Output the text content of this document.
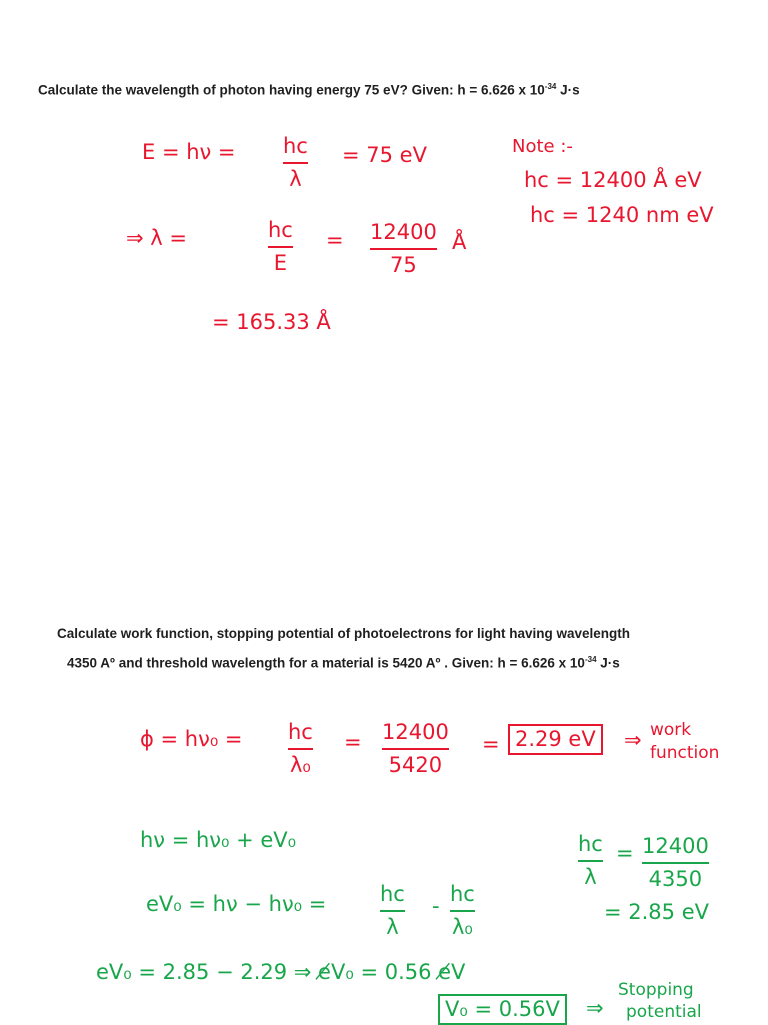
Calculate the wavelength of photon having energy 75 eV? Given: h = 6.626 x $10^{-34}$ J·s

E = hν = hc
λ
= 75 eV
⇒ λ =	hc
E
= 12400
75
Å
= 165.33 Å
Note :-
hc = 12400 Å eV
hc = 1240 nm eV

Calculate work function, stopping potential of photoelectrons for light having wavelength

4350 Aº and threshold wavelength for a material is 5420 Aº . Given: h = 6.626 x $10^{-34}$ J·s

ϕ = hν₀ = hc
λ₀
= 12400
5420
= 2.29 eV	⇒ work
function
hν = hν₀ + eV₀
eV₀ = hν − hν₀ =	hc
λ
- hc
λ₀
hc
λ
= 12400
4350
= 2.85 eV
eV₀ = 2.85 − 2.29 ⇒ e̸V₀ = 0.56 e̸V
V₀ = 0.56V	⇒
Stopping
potential
